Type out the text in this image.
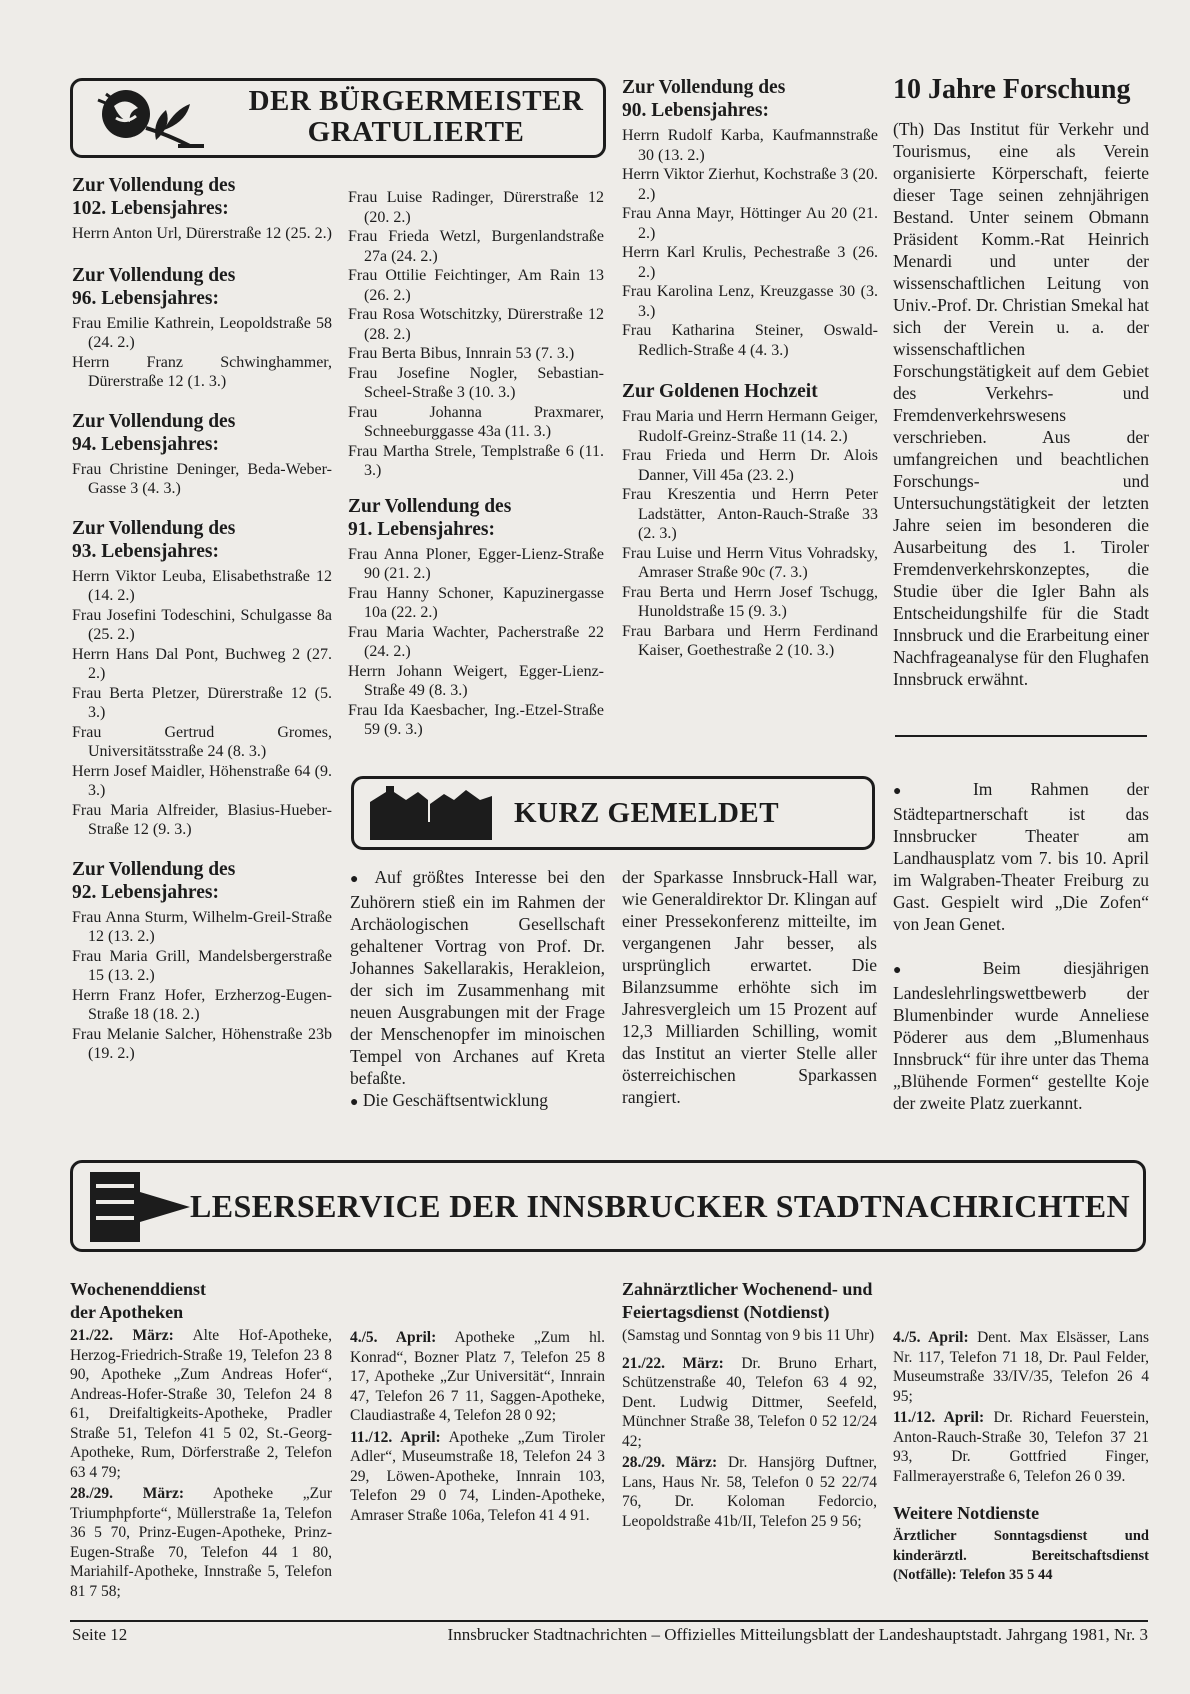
DER BÜRGERMEISTER
GRATULIERTE
Zur Vollendung des
102. Lebensjahres:

Herrn Anton Url, Dürerstraße 12 (25. 2.)

Zur Vollendung des
96. Lebensjahres:

Frau Emilie Kathrein, Leopoldstraße 58 (24. 2.)

Herrn Franz Schwinghammer, Dürerstraße 12 (1. 3.)

Zur Vollendung des
94. Lebensjahres:

Frau Christine Deninger, Beda-Weber-Gasse 3 (4. 3.)

Zur Vollendung des
93. Lebensjahres:

Herrn Viktor Leuba, Elisabethstraße 12 (14. 2.)

Frau Josefini Todeschini, Schulgasse 8a (25. 2.)

Herrn Hans Dal Pont, Buchweg 2 (27. 2.)

Frau Berta Pletzer, Dürerstraße 12 (5. 3.)

Frau Gertrud Gromes, Universitätsstraße 24 (8. 3.)

Herrn Josef Maidler, Höhenstraße 64 (9. 3.)

Frau Maria Alfreider, Blasius-Hueber-Straße 12 (9. 3.)

Zur Vollendung des
92. Lebensjahres:

Frau Anna Sturm, Wilhelm-Greil-Straße 12 (13. 2.)

Frau Maria Grill, Mandelsbergerstraße 15 (13. 2.)

Herrn Franz Hofer, Erzherzog-Eugen-Straße 18 (18. 2.)

Frau Melanie Salcher, Höhenstraße 23b (19. 2.)

Frau Luise Radinger, Dürerstraße 12 (20. 2.)

Frau Frieda Wetzl, Burgenlandstraße 27a (24. 2.)

Frau Ottilie Feichtinger, Am Rain 13 (26. 2.)

Frau Rosa Wotschitzky, Dürerstraße 12 (28. 2.)

Frau Berta Bibus, Innrain 53 (7. 3.)

Frau Josefine Nogler, Sebastian-Scheel-Straße 3 (10. 3.)

Frau Johanna Praxmarer, Schneeburggasse 43a (11. 3.)

Frau Martha Strele, Templstraße 6 (11. 3.)

Zur Vollendung des
91. Lebensjahres:

Frau Anna Ploner, Egger-Lienz-Straße 90 (21. 2.)

Frau Hanny Schoner, Kapuzinergasse 10a (22. 2.)

Frau Maria Wachter, Pacherstraße 22 (24. 2.)

Herrn Johann Weigert, Egger-Lienz-Straße 49 (8. 3.)

Frau Ida Kaesbacher, Ing.-Etzel-Straße 59 (9. 3.)

Zur Vollendung des
90. Lebensjahres:

Herrn Rudolf Karba, Kaufmannstraße 30 (13. 2.)

Herrn Viktor Zierhut, Kochstraße 3 (20. 2.)

Frau Anna Mayr, Höttinger Au 20 (21. 2.)

Herrn Karl Krulis, Pechestraße 3 (26. 2.)

Frau Karolina Lenz, Kreuzgasse 30 (3. 3.)

Frau Katharina Steiner, Oswald-Redlich-Straße 4 (4. 3.)

Zur Goldenen Hochzeit

Frau Maria und Herrn Hermann Geiger, Rudolf-Greinz-Straße 11 (14. 2.)

Frau Frieda und Herrn Dr. Alois Danner, Vill 45a (23. 2.)

Frau Kreszentia und Herrn Peter Ladstätter, Anton-Rauch-Straße 33 (2. 3.)

Frau Luise und Herrn Vitus Vohradsky, Amraser Straße 90c (7. 3.)

Frau Berta und Herrn Josef Tschugg, Hunoldstraße 15 (9. 3.)

Frau Barbara und Herrn Ferdinand Kaiser, Goethestraße 2 (10. 3.)

10 Jahre Forschung

(Th) Das Institut für Verkehr und Tourismus, eine als Verein organisierte Körperschaft, feierte dieser Tage seinen zehnjährigen Bestand. Unter seinem Obmann Präsident Komm.-Rat Heinrich Menardi und unter der wissenschaftlichen Leitung von Univ.-Prof. Dr. Christian Smekal hat sich der Verein u. a. der wissenschaftlichen Forschungstätigkeit auf dem Gebiet des Verkehrs- und Fremdenverkehrswesens verschrieben. Aus der umfangreichen und beachtlichen Forschungs- und Untersuchungstätigkeit der letzten Jahre seien im besonderen die Ausarbeitung des 1. Tiroler Fremdenverkehrskonzeptes, die Studie über die Igler Bahn als Entscheidungshilfe für die Stadt Innsbruck und die Erarbeitung einer Nachfrageanalyse für den Flughafen Innsbruck erwähnt.

KURZ GEMELDET

● Auf größtes Interesse bei den Zuhörern stieß ein im Rahmen der Archäologischen Gesellschaft gehaltener Vortrag von Prof. Dr. Johannes Sakellarakis, Herakleion, der sich im Zusammenhang mit neuen Ausgrabungen mit der Frage der Menschenopfer im minoischen Tempel von Archanes auf Kreta befaßte.

● Die Geschäftsentwicklung

der Sparkasse Innsbruck-Hall war, wie Generaldirektor Dr. Klingan auf einer Pressekonferenz mitteilte, im vergangenen Jahr besser, als ursprünglich erwartet. Die Bilanzsumme erhöhte sich im Jahresvergleich um 15 Prozent auf 12,3 Milliarden Schilling, womit das Institut an vierter Stelle aller österreichischen Sparkassen rangiert.

● Im Rahmen der Städtepartnerschaft ist das Innsbrucker Theater am Landhausplatz vom 7. bis 10. April im Walgraben-Theater Freiburg zu Gast. Gespielt wird „Die Zofen“ von Jean Genet.

● Beim diesjährigen Landeslehrlingswettbewerb der Blumenbinder wurde Anneliese Pöderer aus dem „Blumenhaus Innsbruck“ für ihre unter das Thema „Blühende Formen“ gestellte Koje der zweite Platz zuerkannt.

LESERSERVICE DER INNSBRUCKER STADTNACHRICHTEN
Wochenenddienst
der Apotheken

21./22. März: Alte Hof-Apotheke, Herzog-Friedrich-Straße 19, Telefon 23 8 90, Apotheke „Zum Andreas Hofer“, Andreas-Hofer-Straße 30, Telefon 24 8 61, Dreifaltigkeits-Apotheke, Pradler Straße 51, Telefon 41 5 02, St.-Georg-Apotheke, Rum, Dörferstraße 2, Telefon 63 4 79;

28./29. März: Apotheke „Zur Triumphpforte“, Müllerstraße 1a, Telefon 36 5 70, Prinz-Eugen-Apotheke, Prinz-Eugen-Straße 70, Telefon 44 1 80, Mariahilf-Apotheke, Innstraße 5, Telefon 81 7 58;

4./5. April: Apotheke „Zum hl. Konrad“, Bozner Platz 7, Telefon 25 8 17, Apotheke „Zur Universität“, Innrain 47, Telefon 26 7 11, Saggen-Apotheke, Claudiastraße 4, Telefon 28 0 92;

11./12. April: Apotheke „Zum Tiroler Adler“, Museumstraße 18, Telefon 24 3 29, Löwen-Apotheke, Innrain 103, Telefon 29 0 74, Linden-Apotheke, Amraser Straße 106a, Telefon 41 4 91.

Zahnärztlicher Wochenend- und Feiertagsdienst (Notdienst)

(Samstag und Sonntag von 9 bis 11 Uhr)

21./22. März: Dr. Bruno Erhart, Schützenstraße 40, Telefon 63 4 92, Dent. Ludwig Dittmer, Seefeld, Münchner Straße 38, Telefon 0 52 12/24 42;

28./29. März: Dr. Hansjörg Duftner, Lans, Haus Nr. 58, Telefon 0 52 22/74 76, Dr. Koloman Fedorcio, Leopoldstraße 41b/II, Telefon 25 9 56;

4./5. April: Dent. Max Elsässer, Lans Nr. 117, Telefon 71 18, Dr. Paul Felder, Museumstraße 33/IV/35, Telefon 26 4 95;

11./12. April: Dr. Richard Feuerstein, Anton-Rauch-Straße 30, Telefon 37 21 93, Dr. Gottfried Finger, Fallmerayerstraße 6, Telefon 26 0 39.

Weitere Notdienste

Ärztlicher Sonntagsdienst und kinderärztl. Bereitschaftsdienst (Notfälle): Telefon 35 5 44

Seite 12	Innsbrucker Stadtnachrichten – Offizielles Mitteilungsblatt der Landeshauptstadt. Jahrgang 1981, Nr. 3
